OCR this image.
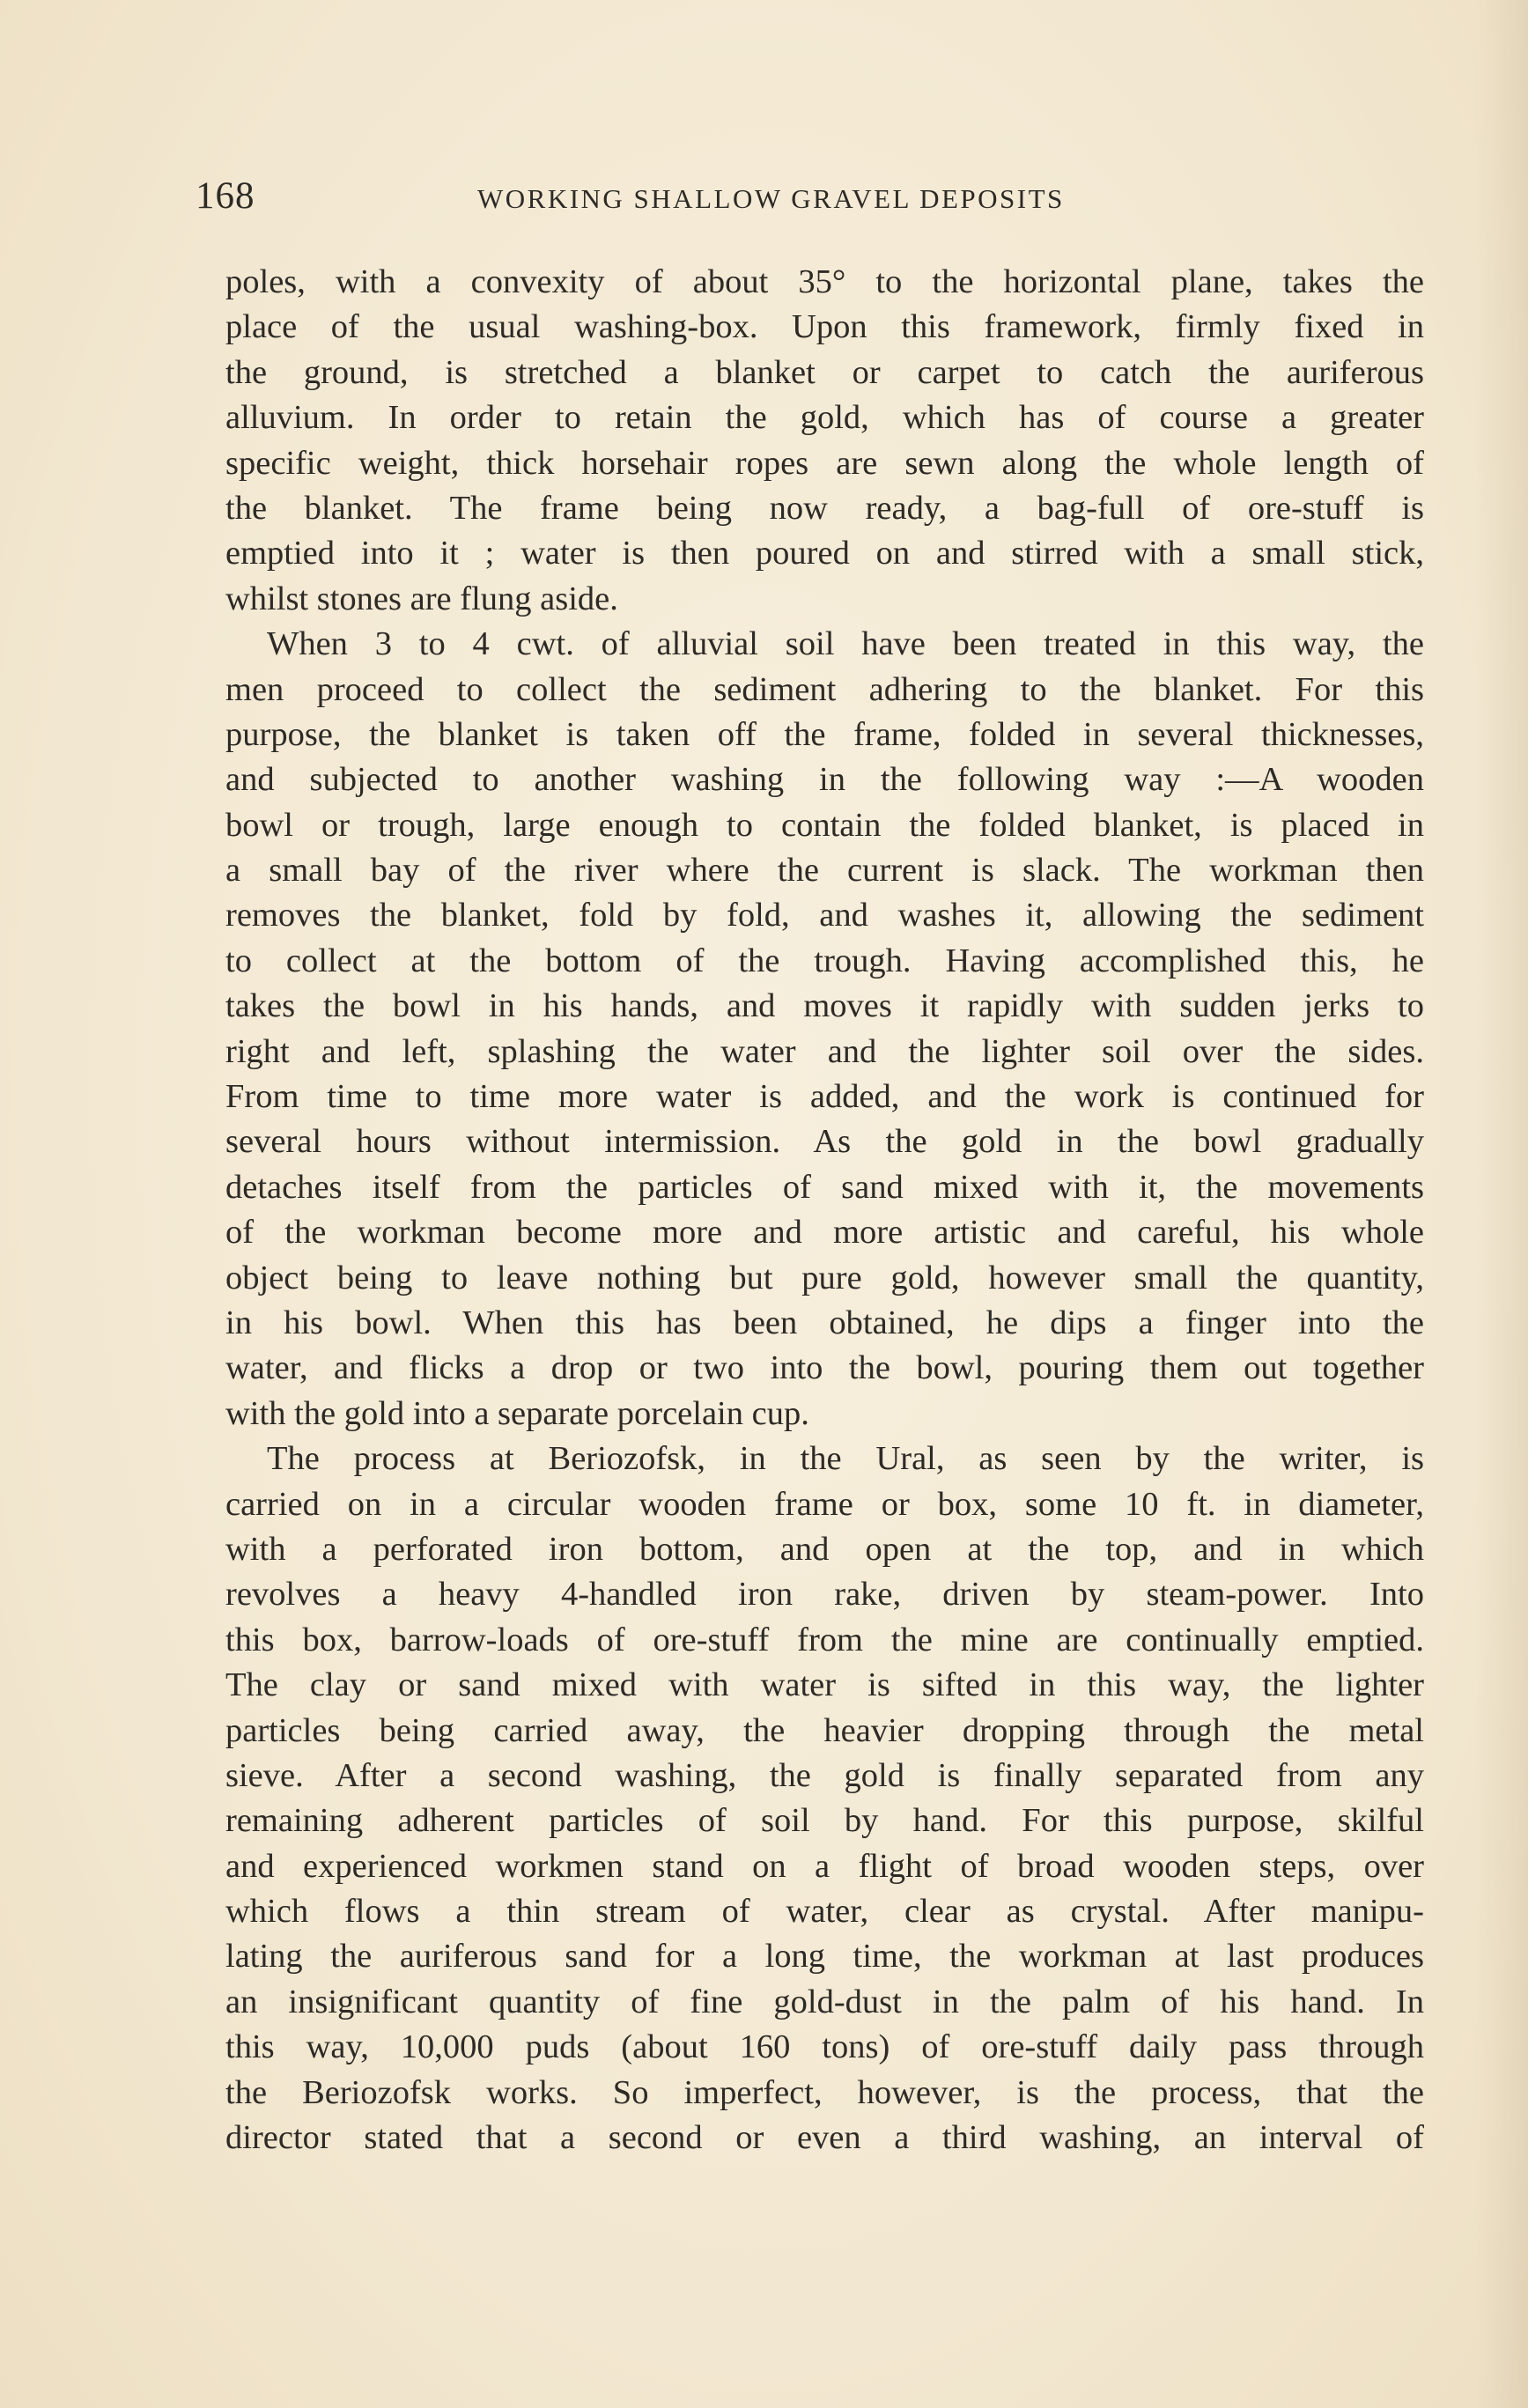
168	WORKING SHALLOW GRAVEL DEPOSITS
poles, with a convexity of about 35° to the horizontal plane, takes the
place of the usual washing-box. Upon this framework, firmly fixed in
the ground, is stretched a blanket or carpet to catch the auriferous
alluvium. In order to retain the gold, which has of course a greater
specific weight, thick horsehair ropes are sewn along the whole length of
the blanket. The frame being now ready, a bag-full of ore-stuff is
emptied into it ; water is then poured on and stirred with a small stick,
whilst stones are flung aside.
When 3 to 4 cwt. of alluvial soil have been treated in this way, the
men proceed to collect the sediment adhering to the blanket. For this
purpose, the blanket is taken off the frame, folded in several thicknesses,
and subjected to another washing in the following way :—A wooden
bowl or trough, large enough to contain the folded blanket, is placed in
a small bay of the river where the current is slack. The workman then
removes the blanket, fold by fold, and washes it, allowing the sediment
to collect at the bottom of the trough. Having accomplished this, he
takes the bowl in his hands, and moves it rapidly with sudden jerks to
right and left, splashing the water and the lighter soil over the sides.
From time to time more water is added, and the work is continued for
several hours without intermission. As the gold in the bowl gradually
detaches itself from the particles of sand mixed with it, the movements
of the workman become more and more artistic and careful, his whole
object being to leave nothing but pure gold, however small the quantity,
in his bowl. When this has been obtained, he dips a finger into the
water, and flicks a drop or two into the bowl, pouring them out together
with the gold into a separate porcelain cup.
The process at Beriozofsk, in the Ural, as seen by the writer, is
carried on in a circular wooden frame or box, some 10 ft. in diameter,
with a perforated iron bottom, and open at the top, and in which
revolves a heavy 4-handled iron rake, driven by steam-power. Into
this box, barrow-loads of ore-stuff from the mine are continually emptied.
The clay or sand mixed with water is sifted in this way, the lighter
particles being carried away, the heavier dropping through the metal
sieve. After a second washing, the gold is finally separated from any
remaining adherent particles of soil by hand. For this purpose, skilful
and experienced workmen stand on a flight of broad wooden steps, over
which flows a thin stream of water, clear as crystal. After manipu-
lating the auriferous sand for a long time, the workman at last produces
an insignificant quantity of fine gold-dust in the palm of his hand. In
this way, 10,000 puds (about 160 tons) of ore-stuff daily pass through
the Beriozofsk works. So imperfect, however, is the process, that the
director stated that a second or even a third washing, an interval of
